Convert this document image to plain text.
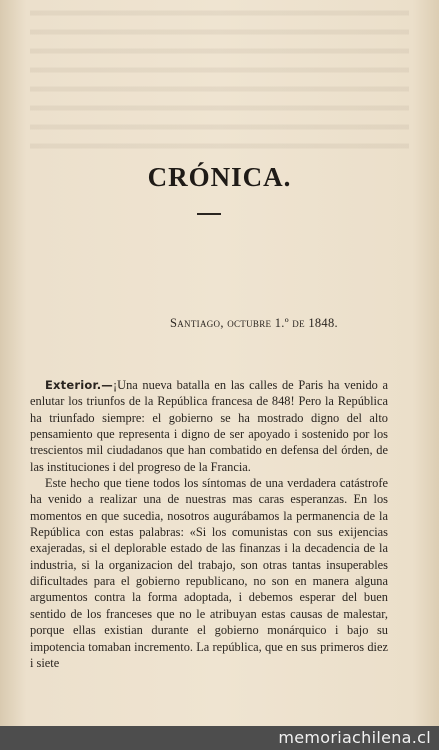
CRÓNICA.
Santiago, octubre 1.º de 1848.

Exterior.—¡Una nueva batalla en las calles de Paris ha venido a enlutar los triunfos de la República francesa de 848! Pero la República ha triunfado siempre: el gobierno se ha mostrado digno del alto pensamiento que representa i digno de ser apoyado i sostenido por los trescientos mil ciudadanos que han combatido en defensa del órden, de las instituciones i del progreso de la Francia.

Este hecho que tiene todos los síntomas de una verdadera catástrofe ha venido a realizar una de nuestras mas caras esperanzas. En los momentos en que sucedia, nosotros augurábamos la permanencia de la República con estas palabras: «Si los comunistas con sus exijencias exajeradas, si el deplorable estado de las finanzas i la decadencia de la industria, si la organizacion del trabajo, son otras tantas insuperables dificultades para el gobierno republicano, no son en manera alguna argumentos contra la forma adoptada, i debemos esperar del buen sentido de los franceses que no le atribuyan estas causas de malestar, porque ellas existian durante el gobierno monárquico i bajo su impotencia tomaban incremento. La república, que en sus primeros diez i siete

memoriachilena.cl
